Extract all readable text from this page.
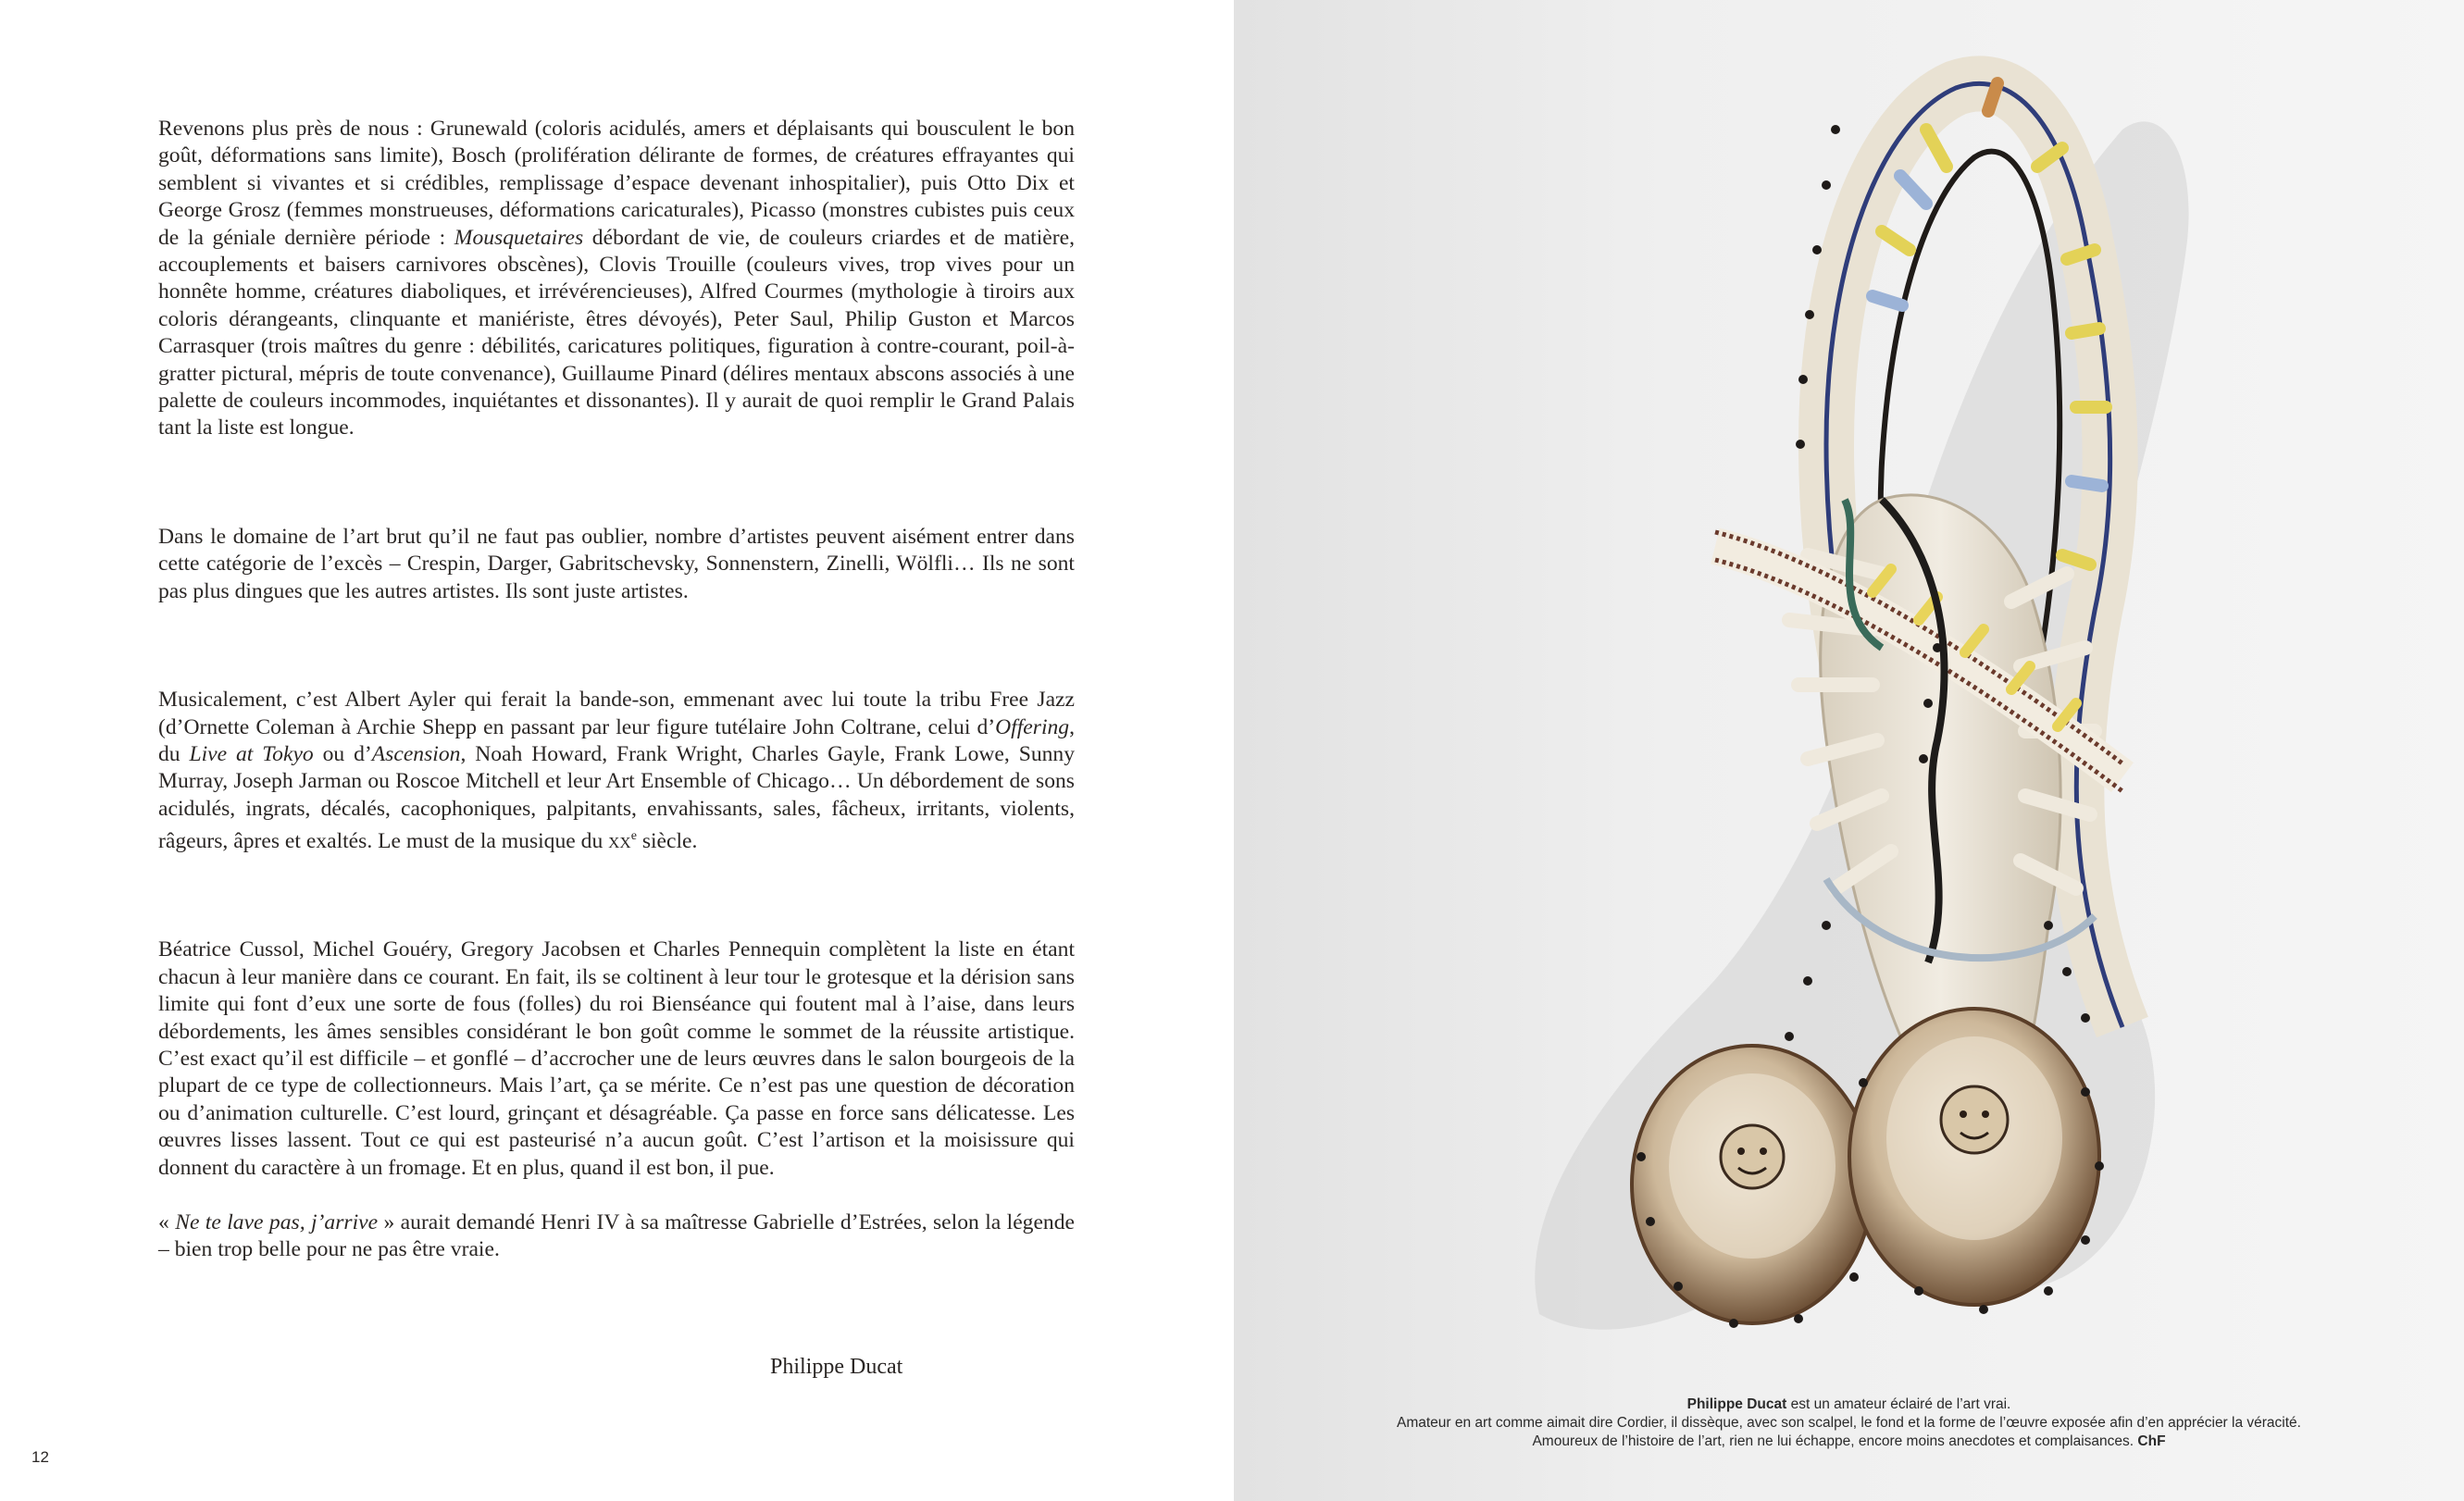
Revenons plus près de nous : Grunewald (coloris acidulés, amers et déplaisants qui bousculent le bon goût, déformations sans limite), Bosch (prolifération délirante de formes, de créatures effrayantes qui semblent si vivantes et si crédibles, remplissage d’espace devenant inhospitalier), puis Otto Dix et George Grosz (femmes monstrueuses, déformations caricaturales), Picasso (monstres cubistes puis ceux de la géniale dernière période : Mousquetaires débordant de vie, de couleurs criardes et de matière, accouplements et baisers carnivores obscènes), Clovis Trouille (couleurs vives, trop vives pour un honnête homme, créatures diaboliques, et irrévérencieuses), Alfred Courmes (mythologie à tiroirs aux coloris dérangeants, clinquante et maniériste, êtres dévoyés), Peter Saul, Philip Guston et Marcos Carrasquer (trois maîtres du genre : débilités, caricatures politiques, figuration à contre-courant, poil-à-gratter pictural, mépris de toute convenance), Guillaume Pinard (délires mentaux abscons associés à une palette de couleurs incommodes, inquiétantes et dissonantes). Il y aurait de quoi remplir le Grand Palais tant la liste est longue.

Dans le domaine de l’art brut qu’il ne faut pas oublier, nombre d’artistes peuvent aisément entrer dans cette catégorie de l’excès – Crespin, Darger, Gabritschevsky, Sonnenstern, Zinelli, Wölfli… Ils ne sont pas plus dingues que les autres artistes. Ils sont juste artistes.

Musicalement, c’est Albert Ayler qui ferait la bande-son, emmenant avec lui toute la tribu Free Jazz (d’Ornette Coleman à Archie Shepp en passant par leur figure tutélaire John Coltrane, celui d’Offering, du Live at Tokyo ou d’Ascension, Noah Howard, Frank Wright, Charles Gayle, Frank Lowe, Sunny Murray, Joseph Jarman ou Roscoe Mitchell et leur Art Ensemble of Chicago… Un débordement de sons acidulés, ingrats, décalés, cacophoniques, palpitants, envahissants, sales, fâcheux, irritants, violents, râgeurs, âpres et exaltés. Le must de la musique du $xx^e$ siècle.

Béatrice Cussol, Michel Gouéry, Gregory Jacobsen et Charles Pennequin complètent la liste en étant chacun à leur manière dans ce courant. En fait, ils se coltinent à leur tour le grotesque et la dérision sans limite qui font d’eux une sorte de fous (folles) du roi Bienséance qui foutent mal à l’aise, dans leurs débordements, les âmes sensibles considérant le bon goût comme le sommet de la réussite artistique. C’est exact qu’il est difficile – et gonflé – d’accrocher une de leurs œuvres dans le salon bourgeois de la plupart de ce type de collectionneurs. Mais l’art, ça se mérite. Ce n’est pas une question de décoration ou d’animation culturelle. C’est lourd, grinçant et désagréable. Ça passe en force sans délicatesse. Les œuvres lisses lassent. Tout ce qui est pasteurisé n’a aucun goût. C’est l’artison et la moisissure qui donnent du caractère à un fromage. Et en plus, quand il est bon, il pue.

« Ne te lave pas, j’arrive » aurait demandé Henri IV à sa maîtresse Gabrielle d’Estrées, selon la légende – bien trop belle pour ne pas être vraie.

Philippe Ducat
12
Philippe Ducat est un amateur éclairé de l’art vrai.
Amateur en art comme aimait dire Cordier, il dissèque, avec son scalpel, le fond et la forme de l’œuvre exposée afin d’en apprécier la véracité.
Amoureux de l’histoire de l’art, rien ne lui échappe, encore moins anecdotes et complaisances. ChF
